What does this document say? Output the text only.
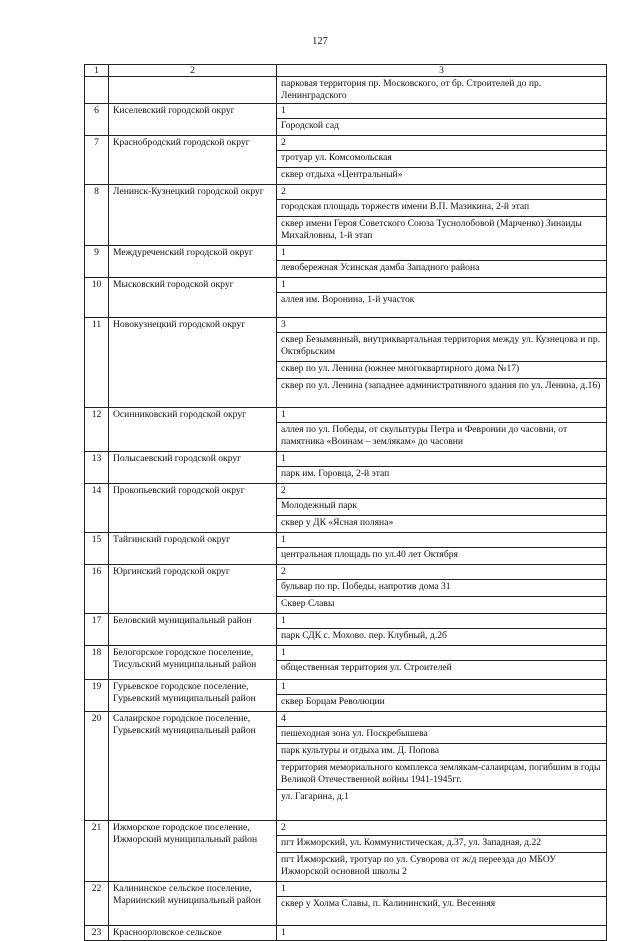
127
1	2	3
		парковая территория пр. Московского, от бр. Строителей до пр. Ленинградского
6	Киселевский городской округ	1
		Городской сад
7	Краснобродский городской округ	2
		тротуар ул. Комсомольская
		сквер отдыха «Центральный»
8	Ленинск-Кузнецкий городской округ	2
		городская площадь торжеств имени В.П. Мазикина, 2-й этап
		сквер имени Героя Советского Союза Туснолобовой (Марченко) Зинаиды Михайловны, 1-й этап
9	Междуреченский городской округ	1
		левобережная Усинская дамба Западного района
10	Мысковский городской округ	1
		аллея им. Воронина, 1-й участок
11	Новокузнецкий городской округ	3
		сквер Безымянный, внутриквартальная территория между ул. Кузнецова и пр. Октябрьским
		сквер по ул. Ленина (южнее многоквартирного дома №17)
		сквер по ул. Ленина (западнее административного здания по ул. Ленина, д.16)
12	Осинниковский городской округ	1
		аллея по ул. Победы, от скульптуры Петра и Февронии до часовни, от памятника «Воинам – землякам» до часовни
13	Полысаевский городской округ	1
		парк им. Горовца, 2-й этап
14	Прокопьевский городской округ	2
		Молодежный парк
		сквер у ДК «Ясная поляна»
15	Тайгинский городской округ	1
		центральная площадь по ул.40 лет Октября
16	Юргинский городской округ	2
		бульвар по пр. Победы, напротив дома 31
		Сквер Славы
17	Беловский муниципальный район	1
		парк СДК с. Мохово. пер. Клубный, д.2б
18	Белогорское городское поселение, Тисульский муниципальный район	1
		общественная территория ул. Строителей
19	Гурьевское городское поселение, Гурьевский муниципальный район	1
		сквер Борцам Революции
20	Салаирское городское поселение, Гурьевский муниципальный район	4
		пешеходная зона ул. Поскребышева
		парк культуры и отдыха им. Д. Попова
		территория мемориального комплекса землякам-салаирцам, погибшим в годы Великой Отечественной войны 1941-1945гг.
		ул. Гагарина, д.1
21	Ижморское городское поселение, Ижморский муниципальный район	2
		пгт Ижморский, ул. Коммунистическая, д.37, ул. Западная, д.22
		пгт Ижморский, тротуар по ул. Суворова от ж/д переезда до МБОУ Ижморской основной школы 2
22	Калининское сельское поселение, Мариинский муниципальный район	1
		сквер у Холма Славы, п. Калининский, ул. Весенняя
23	Красноорловское сельское	1
